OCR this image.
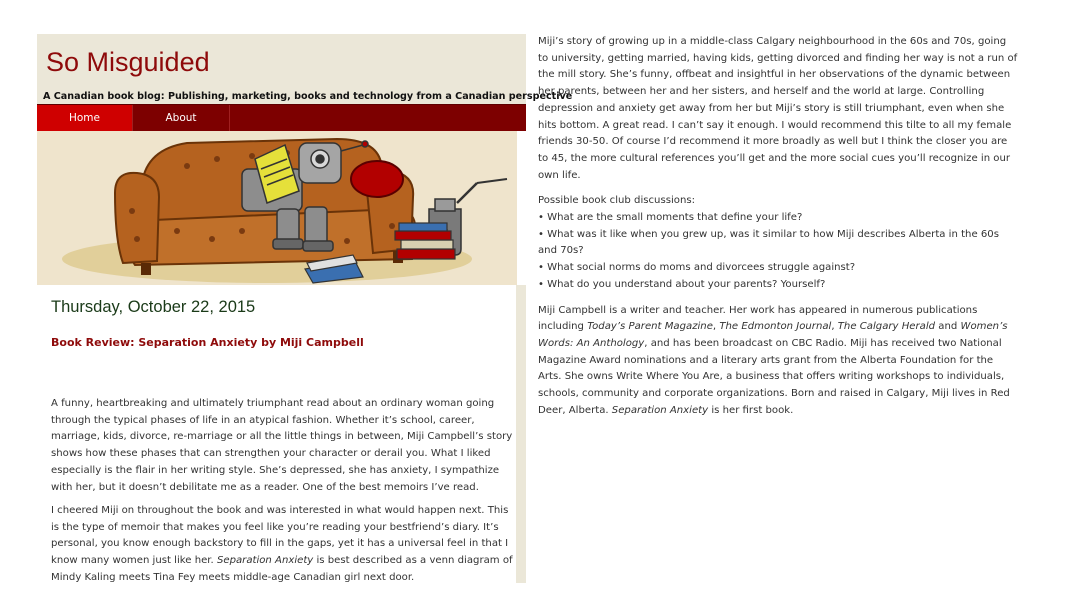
So Misguided
A Canadian book blog: Publishing, marketing, books and technology from a Canadian perspective
Home	About
Thursday, October 22, 2015
Book Review: Separation Anxiety by Miji Campbell

A funny, heartbreaking and ultimately triumphant read about an ordinary woman going through the typical phases of life in an atypical fashion. Whether it’s school, career, marriage, kids, divorce, re-marriage or all the little things in between, Miji Campbell’s story shows how these phases that can strengthen your character or derail you. What I liked especially is the flair in her writing style. She’s depressed, she has anxiety, I sympathize with her, but it doesn’t debilitate me as a reader. One of the best memoirs I’ve read.

I cheered Miji on throughout the book and was interested in what would happen next. This is the type of memoir that makes you feel like you’re reading your bestfriend’s diary. It’s personal, you know enough backstory to fill in the gaps, yet it has a universal feel in that I know many women just like her. Separation Anxiety is best described as a venn diagram of Mindy Kaling meets Tina Fey meets middle-age Canadian girl next door.

Miji’s story of growing up in a middle-class Calgary neighbourhood in the 60s and 70s, going to university, getting married, having kids, getting divorced and finding her way is not a run of the mill story. She’s funny, offbeat and insightful in her observations of the dynamic between her parents, between her and her sisters, and herself and the world at large. Controlling depression and anxiety get away from her but Miji’s story is still triumphant, even when she hits bottom. A great read. I can’t say it enough. I would recommend this tilte to all my female friends 30-50. Of course I’d recommend it more broadly as well but I think the closer you are to 45, the more cultural references you’ll get and the more social cues you’ll recognize in our own life.

Possible book club discussions:
• What are the small moments that define your life?
• What was it like when you grew up, was it similar to how Miji describes Alberta in the 60s and 70s?
• What social norms do moms and divorcees struggle against?
• What do you understand about your parents? Yourself?

Miji Campbell is a writer and teacher. Her work has appeared in numerous publications including Today’s Parent Magazine, The Edmonton Journal, The Calgary Herald and Women’s Words: An Anthology, and has been broadcast on CBC Radio. Miji has received two National Magazine Award nominations and a literary arts grant from the Alberta Foundation for the Arts. She owns Write Where You Are, a business that offers writing workshops to individuals, schools, community and corporate organizations. Born and raised in Calgary, Miji lives in Red Deer, Alberta. Separation Anxiety is her first book.
